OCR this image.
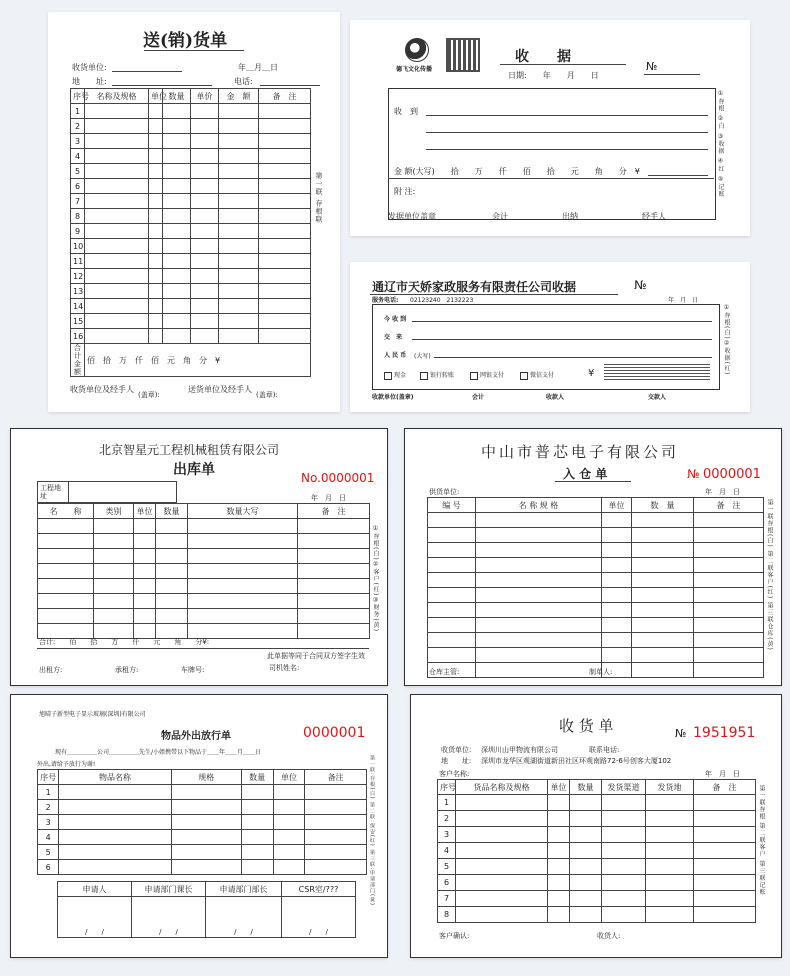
送(销)货单
收货单位:	年＿月＿日
地　　址:	电话:
序号	名称及规格	单位	数量	单价	金　额	备　注
1						
2						
3						
4						
5						
6						
7						
8						
9						
10						
11						
12						
13						
14						
15						
16						
合计金额	佰　拾　万　仟　佰　元　角　分　¥					
第一联 存根联
收货单位及经手人
(盖章):
送货单位及经手人
(盖章):
德飞文化传播
收　　据
日期:　　年　　月　　日
№
收　到
金 额(大写)　　拾　　万　　仟　　佰　　拾　　元　　角　　分　¥
附 注:	①存根 ②白 ③收据 ④红 ⑤记账
发据单位盖章	会计	出纳	经手人
通辽市天娇家政服务有限责任公司收据	№
服务电话: 02123240　2132223	年　月　日
今 收 到
交　来
人 民 币 (大写)
现金	银行转账	网银支付	微信支付	¥	①存根(白)②收据(红)
收款单位(盖章)	会计	收款人	交款人
北京智星元工程机械租赁有限公司
出库单	No.0000001
工程地址		年　月　日
名　　称	类别	单位	数量	数量大写	备　注

合计:　　佰　　拾　　万　　仟　　元　　角　　分¥:
①存根(白)②客户(红)③财务(黄)
此单据等同于合同双方签字生效
出租方:	承租方:	车牌号:	司机姓名:
中山市普芯电子有限公司
入 仓 单	№ 0000001
供货单位:	年　月　日
编 号	名 称 规 格	单位	数　量	备　注

					第一联存根(白) 第二联客户(红) 第三联仓库(黄)
仓库主管:	制单人:
旭晴子新型电子显示玻璃(深圳)有限公司
物品外出放行单	0000001
现有＿＿＿＿＿公司＿＿＿＿＿先生/小姐携带以下物品于＿＿年＿＿月＿＿日
外出,请给予放行为谢!
序号	物品名称	规格	数量	单位	备注
1					
2					
3					
4					
5					
6					
申请人	申请部门课长	申请部门部长	CSR室/???
/　　/	/　　/	/　　/	/　　/
第一联:存根(白) 第二联:保安(红) 第三联:申请部门(黄)
收 货 单	№ 1951951
收货单位: 深圳川山甲物流有限公司	联系电话:
地　　址: 深圳市龙华区观湖街道新田社区环观南路72-6号创客大厦102
客户名称:	年　月　日
序号	货品名称及规格	单位	数量	发货渠道	发货地	备　注
1						
2						
3						
4						
5						
6						
7						
8						
第一联存根 第二联客户 第三联记账
客户确认:	收货人:
